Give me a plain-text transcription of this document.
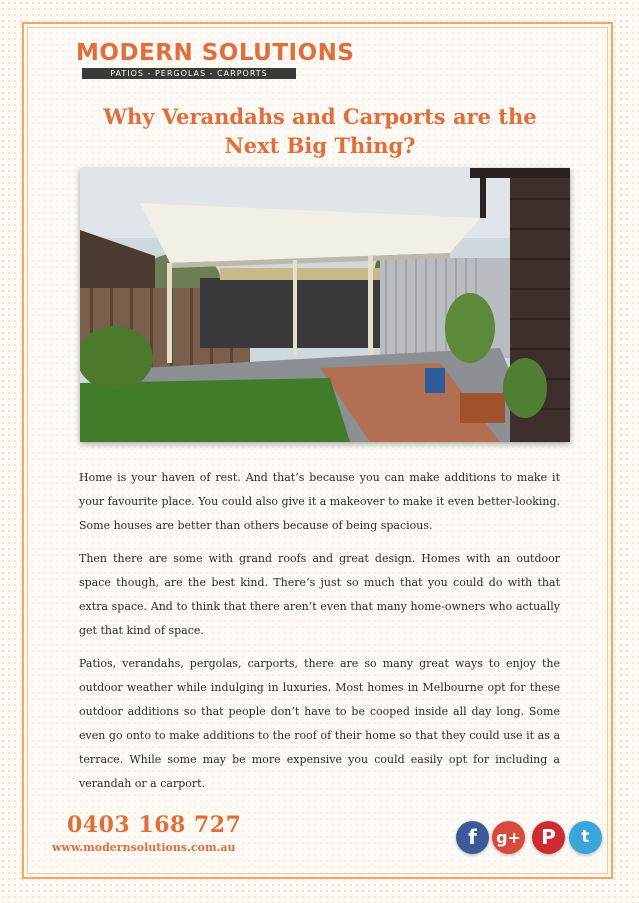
MODERN SOLUTIONS
PATIOS - PERGOLAS - CARPORTS
Why Verandahs and Carports are the
Next Big Thing?

Home is your haven of rest. And that’s because you can make additions to make it your favourite place. You could also give it a makeover to make it even better-looking. Some houses are better than others because of being spacious.

Then there are some with grand roofs and great design. Homes with an outdoor space though, are the best kind. There’s just so much that you could do with that extra space. And to think that there aren’t even that many home-owners who actually get that kind of space.

Patios, verandahs, pergolas, carports, there are so many great ways to enjoy the outdoor weather while indulging in luxuries. Most homes in Melbourne opt for these outdoor additions so that people don’t have to be cooped inside all day long. Some even go onto to make additions to the roof of their home so that they could use it as a terrace. While some may be more expensive you could easily opt for including a verandah or a carport.

0403 168 727
www.modernsolutions.com.au	f	g+	P	t
